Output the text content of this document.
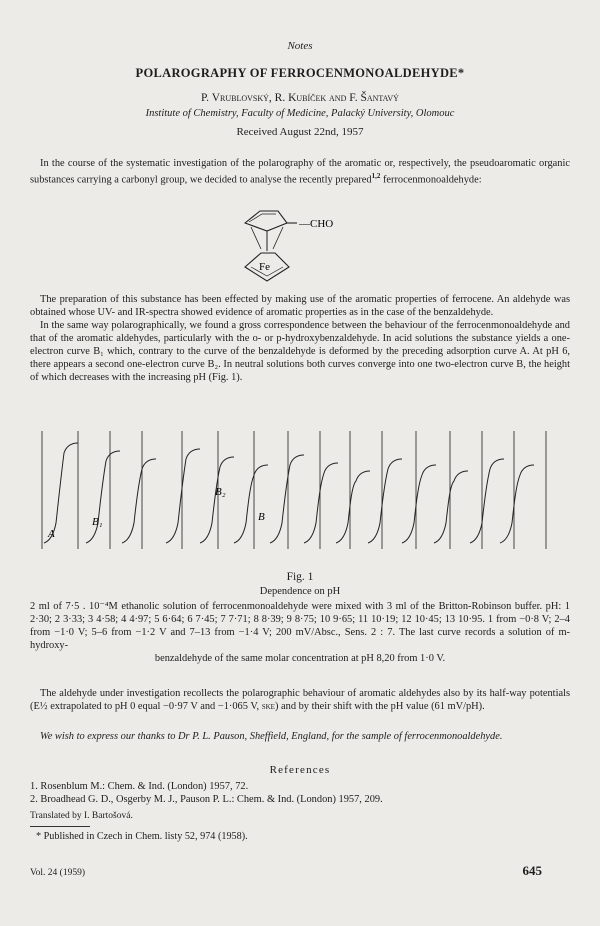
Notes
POLAROGRAPHY OF FERROCENMONOALDEHYDE*
P. Vrublovský, R. Kubíček and F. Šantavý
Institute of Chemistry, Faculty of Medicine, Palacký University, Olomouc
Received August 22nd, 1957

In the course of the systematic investigation of the polarography of the aromatic or, respectively, the pseudoaromatic organic substances carrying a carbonyl group, we decided to analyse the recently prepared$^{1,2}$ ferrocenmonoaldehyde:

—CHO
Fe

The preparation of this substance has been effected by making use of the aromatic properties of ferrocene. An aldehyde was obtained whose UV- and IR-spectra showed evidence of aromatic properties as in the case of the benzaldehyde.

In the same way polarographically, we found a gross correspondence between the behaviour of the ferrocenmonoaldehyde and that of the aromatic aldehydes, particularly with the o- or p-hydroxybenzaldehyde. In acid solutions the substance yields a one-electron curve B₁ which, contrary to the curve of the benzaldehyde is deformed by the preceding adsorption curve A. At pH 6, there appears a second one-electron curve B₂. In neutral solutions both curves converge into one two-electron curve B, the height of which decreases with the increasing pH (Fig. 1).

A
B₁
B₂
B
Fig. 1
Dependence on pH
2 ml of 7·5 . 10⁻⁴M ethanolic solution of ferrocenmonoaldehyde were mixed with 3 ml of the Britton-Robinson buffer. pH: 1 2·30; 2 3·33; 3 4·58; 4 4·97; 5 6·64; 6 7·45; 7 7·71; 8 8·39; 9 8·75; 10 9·65; 11 10·19; 12 10·45; 13 10·95. 1 from −0·8 V; 2–4 from −1·0 V; 5–6 from −1·2 V and 7–13 from −1·4 V; 200 mV/Absc., Sens. 2 : 7. The last curve records a solution of m-hydroxy-
benzaldehyde of the same molar concentration at pH 8,20 from 1·0 V.

The aldehyde under investigation recollects the polarographic behaviour of aromatic aldehydes also by its half-way potentials (E½ extrapolated to pH 0 equal −0·97 V and −1·065 V, ske) and by their shift with the pH value (61 mV/pH).

We wish to express our thanks to Dr P. L. Pauson, Sheffield, England, for the sample of ferrocenmonoaldehyde.

References
1. Rosenblum M.: Chem. & Ind. (London) 1957, 72.
2. Broadhead G. D., Osgerby M. J., Pauson P. L.: Chem. & Ind. (London) 1957, 209.
Translated by I. Bartošová.
* Published in Czech in Chem. listy 52, 974 (1958).
Vol. 24 (1959)	645
